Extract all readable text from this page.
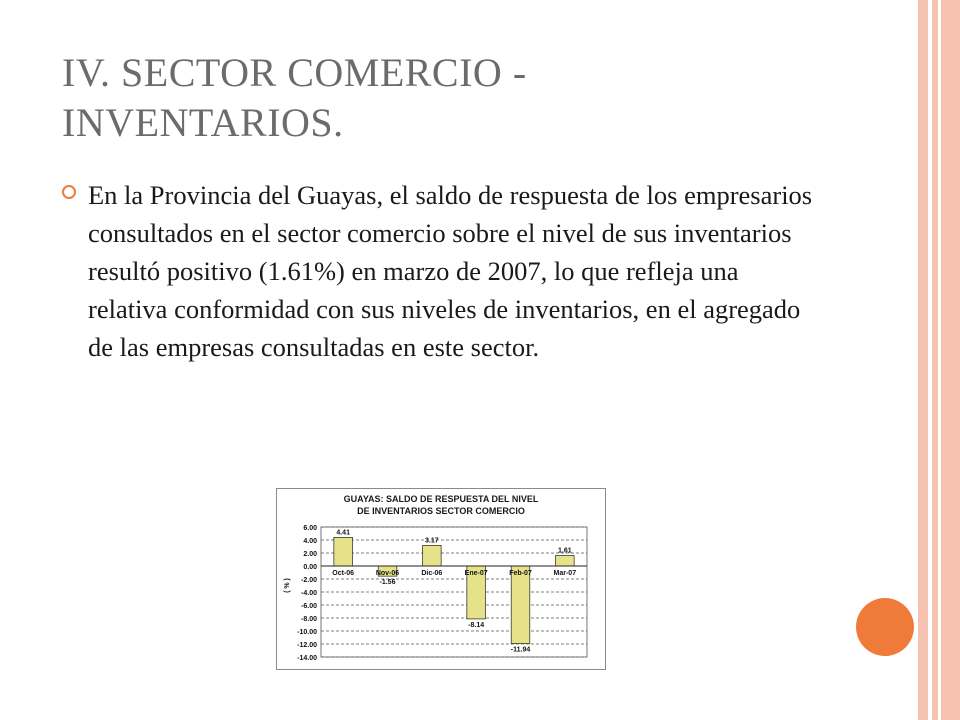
IV. SECTOR COMERCIO -
INVENTARIOS.

En la Provincia del Guayas, el saldo de respuesta de los empresarios consultados en el sector comercio sobre el nivel de sus inventarios resultó positivo (1.61%) en marzo de 2007, lo que refleja una relativa conformidad con sus niveles de inventarios, en el agregado de las empresas consultadas en este sector.

GUAYAS: SALDO DE RESPUESTA DEL NIVEL
DE INVENTARIOS SECTOR COMERCIO
6.00
4.00
2.00
0.00
-2.00
-4.00
-6.00
-8.00
-10.00
-12.00
-14.00
( % )
4.41
Oct-06
-1.56
Nov-06
3.17
Dic-06
-8.14
Ene-07
-11.94
Feb-07
1.61
Mar-07
